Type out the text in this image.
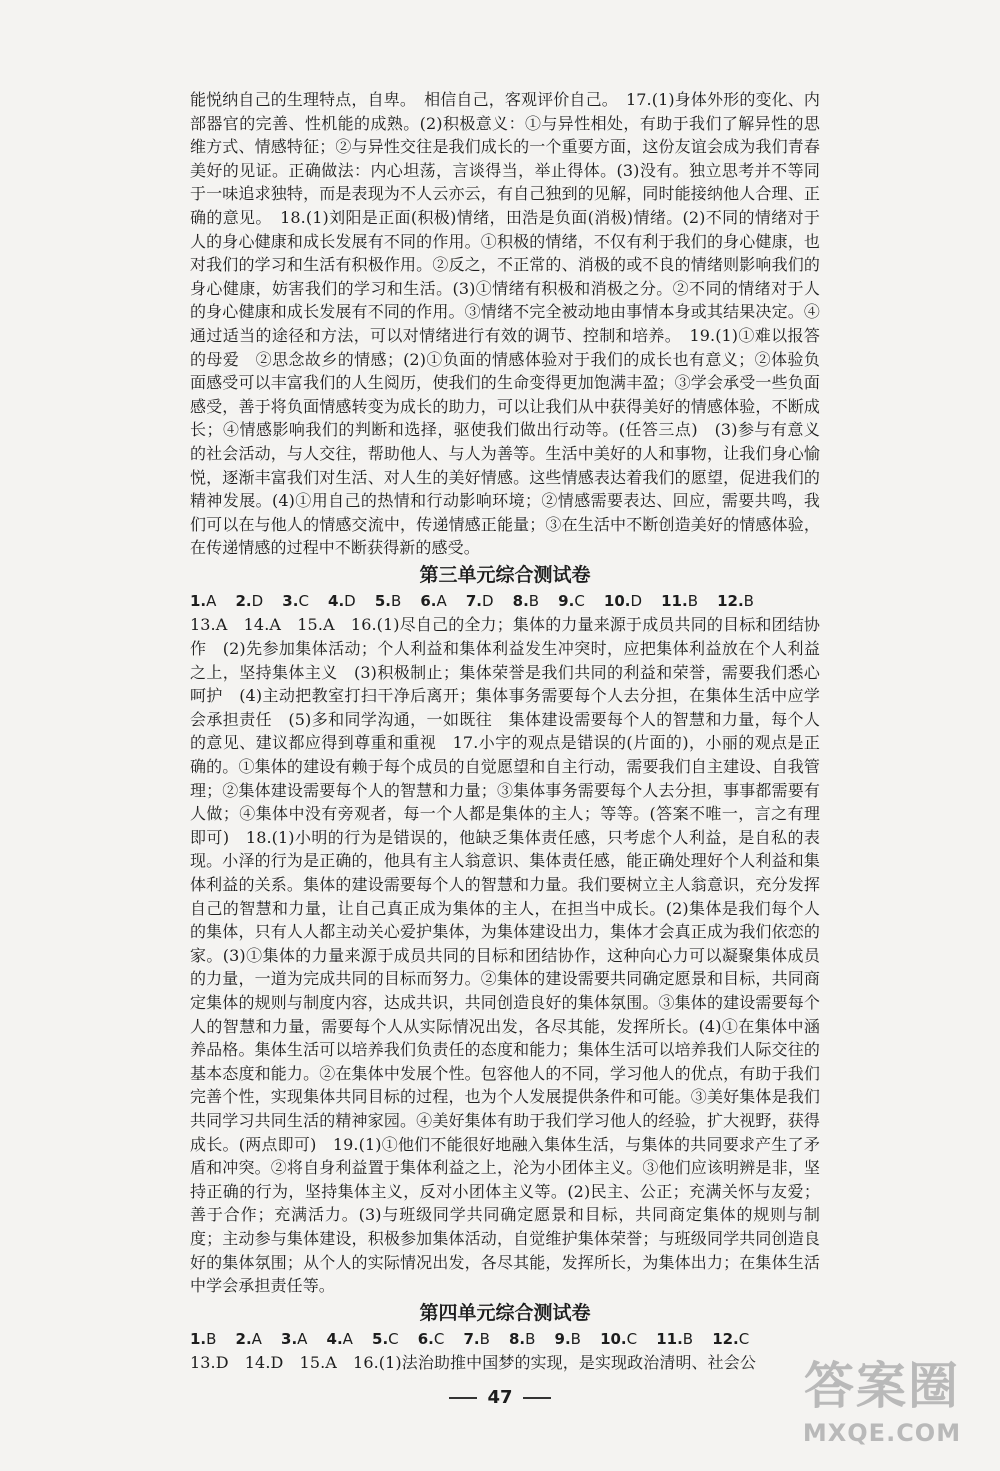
能悦纳自己的生理特点，自卑。　相信自己，客观评价自己。　17.(1)身体外形的变化、内部器官的完善、性机能的成熟。(2)积极意义：①与异性相处，有助于我们了解异性的思维方式、情感特征；②与异性交往是我们成长的一个重要方面，这份友谊会成为我们青春美好的见证。正确做法：内心坦荡，言谈得当，举止得体。(3)没有。独立思考并不等同于一味追求独特，而是表现为不人云亦云，有自己独到的见解，同时能接纳他人合理、正确的意见。　18.(1)刘阳是正面(积极)情绪，田浩是负面(消极)情绪。(2)不同的情绪对于人的身心健康和成长发展有不同的作用。①积极的情绪，不仅有利于我们的身心健康，也对我们的学习和生活有积极作用。②反之，不正常的、消极的或不良的情绪则影响我们的身心健康，妨害我们的学习和生活。(3)①情绪有积极和消极之分。②不同的情绪对于人的身心健康和成长发展有不同的作用。③情绪不完全被动地由事情本身或其结果决定。④通过适当的途径和方法，可以对情绪进行有效的调节、控制和培养。　19.(1)①难以报答的母爱　②思念故乡的情感；(2)①负面的情感体验对于我们的成长也有意义；②体验负面感受可以丰富我们的人生阅历，使我们的生命变得更加饱满丰盈；③学会承受一些负面感受，善于将负面情感转变为成长的助力，可以让我们从中获得美好的情感体验，不断成长；④情感影响我们的判断和选择，驱使我们做出行动等。(任答三点)　(3)参与有意义的社会活动，与人交往，帮助他人、与人为善等。生活中美好的人和事物，让我们身心愉悦，逐渐丰富我们对生活、对人生的美好情感。这些情感表达着我们的愿望，促进我们的精神发展。(4)①用自己的热情和行动影响环境；②情感需要表达、回应，需要共鸣，我们可以在与他人的情感交流中，传递情感正能量；③在生活中不断创造美好的情感体验，在传递情感的过程中不断获得新的感受。

第三单元综合测试卷

1.A 2.D 3.C 4.D 5.B 6.A 7.D 8.B 9.C 10.D 11.B 12.B

13.A　14.A　15.A　16.(1)尽自己的全力；集体的力量来源于成员共同的目标和团结协作　(2)先参加集体活动；个人利益和集体利益发生冲突时，应把集体利益放在个人利益之上，坚持集体主义　(3)积极制止；集体荣誉是我们共同的利益和荣誉，需要我们悉心呵护　(4)主动把教室打扫干净后离开；集体事务需要每个人去分担，在集体生活中应学会承担责任　(5)多和同学沟通，一如既往　集体建设需要每个人的智慧和力量，每个人的意见、建议都应得到尊重和重视　17.小宇的观点是错误的(片面的)，小丽的观点是正确的。①集体的建设有赖于每个成员的自觉愿望和自主行动，需要我们自主建设、自我管理；②集体建设需要每个人的智慧和力量；③集体事务需要每个人去分担，事事都需要有人做；④集体中没有旁观者，每一个人都是集体的主人；等等。(答案不唯一，言之有理即可)　18.(1)小明的行为是错误的，他缺乏集体责任感，只考虑个人利益，是自私的表现。小泽的行为是正确的，他具有主人翁意识、集体责任感，能正确处理好个人利益和集体利益的关系。集体的建设需要每个人的智慧和力量。我们要树立主人翁意识，充分发挥自己的智慧和力量，让自己真正成为集体的主人，在担当中成长。(2)集体是我们每个人的集体，只有人人都主动关心爱护集体，为集体建设出力，集体才会真正成为我们依恋的家。(3)①集体的力量来源于成员共同的目标和团结协作，这种向心力可以凝聚集体成员的力量，一道为完成共同的目标而努力。②集体的建设需要共同确定愿景和目标，共同商定集体的规则与制度内容，达成共识，共同创造良好的集体氛围。③集体的建设需要每个人的智慧和力量，需要每个人从实际情况出发，各尽其能，发挥所长。(4)①在集体中涵养品格。集体生活可以培养我们负责任的态度和能力；集体生活可以培养我们人际交往的基本态度和能力。②在集体中发展个性。包容他人的不同，学习他人的优点，有助于我们完善个性，实现集体共同目标的过程，也为个人发展提供条件和可能。③美好集体是我们共同学习共同生活的精神家园。④美好集体有助于我们学习他人的经验，扩大视野，获得成长。(两点即可)　19.(1)①他们不能很好地融入集体生活，与集体的共同要求产生了矛盾和冲突。②将自身利益置于集体利益之上，沦为小团体主义。③他们应该明辨是非，坚持正确的行为，坚持集体主义，反对小团体主义等。(2)民主、公正；充满关怀与友爱；善于合作；充满活力。(3)与班级同学共同确定愿景和目标，共同商定集体的规则与制度；主动参与集体建设，积极参加集体活动，自觉维护集体荣誉；与班级同学共同创造良好的集体氛围；从个人的实际情况出发，各尽其能，发挥所长，为集体出力；在集体生活中学会承担责任等。

第四单元综合测试卷

1.B 2.A 3.A 4.A 5.C 6.C 7.B 8.B 9.B 10.C 11.B 12.C

13.D　14.D　15.A　16.(1)法治助推中国梦的实现，是实现政治清明、社会公

47	答案圈
MXQE.COM
